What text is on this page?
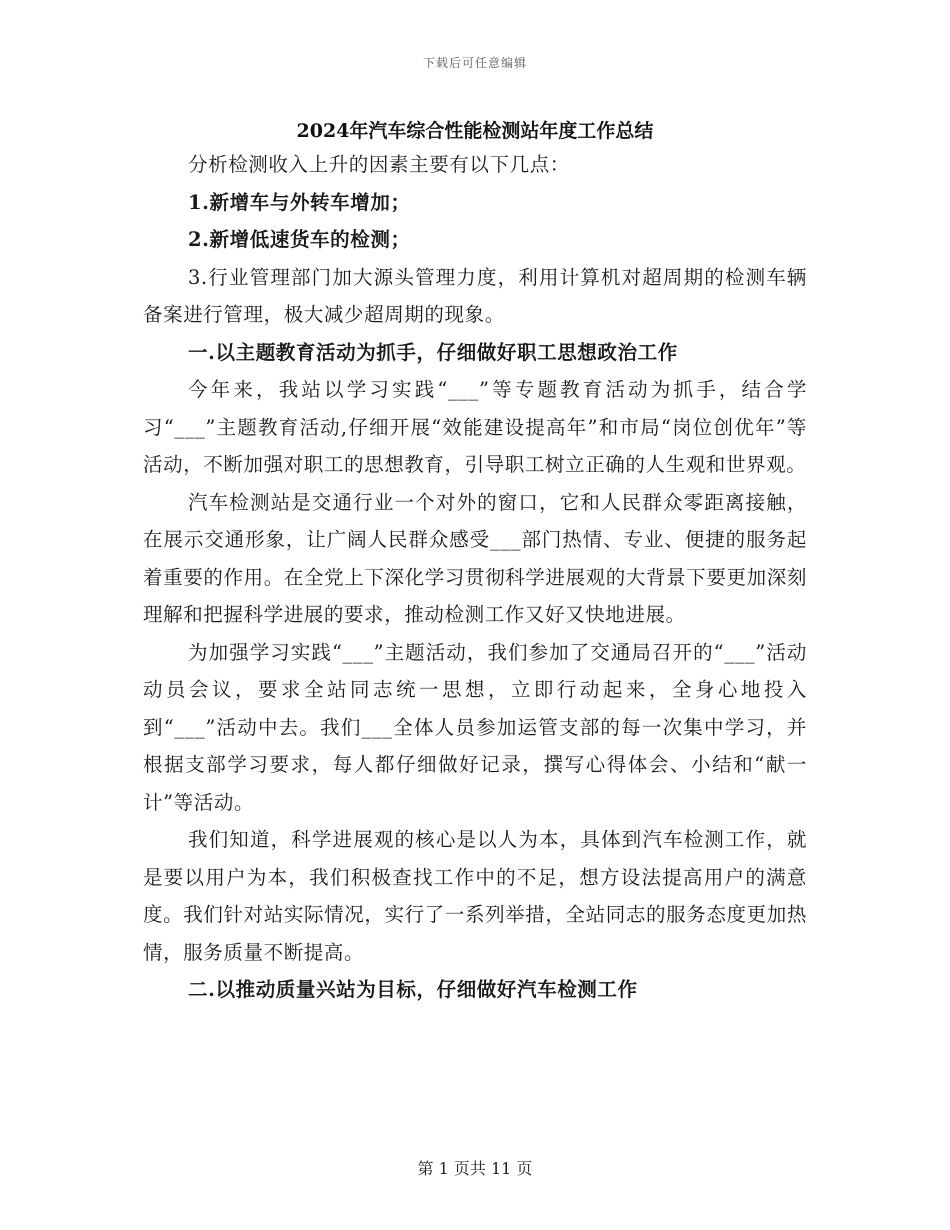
下载后可任意编辑
2024年汽车综合性能检测站年度工作总结

分析检测收入上升的因素主要有以下几点：

1.新增车与外转车增加；

2.新增低速货车的检测；

3.行业管理部门加大源头管理力度，利用计算机对超周期的检测车辆备案进行管理，极大减少超周期的现象。

一.以主题教育活动为抓手，仔细做好职工思想政治工作

今年来，我站以学习实践“___”等专题教育活动为抓手，结合学习“___”主题教育活动,仔细开展“效能建设提高年”和市局“岗位创优年”等活动，不断加强对职工的思想教育，引导职工树立正确的人生观和世界观。

汽车检测站是交通行业一个对外的窗口，它和人民群众零距离接触，在展示交通形象，让广阔人民群众感受___部门热情、专业、便捷的服务起着重要的作用。在全党上下深化学习贯彻科学进展观的大背景下要更加深刻理解和把握科学进展的要求，推动检测工作又好又快地进展。

为加强学习实践“___”主题活动，我们参加了交通局召开的“___”活动动员会议，要求全站同志统一思想，立即行动起来，全身心地投入到“___”活动中去。我们___全体人员参加运管支部的每一次集中学习，并根据支部学习要求，每人都仔细做好记录，撰写心得体会、小结和“献一计”等活动。

我们知道，科学进展观的核心是以人为本，具体到汽车检测工作，就是要以用户为本，我们积极查找工作中的不足，想方设法提高用户的满意度。我们针对站实际情况，实行了一系列举措，全站同志的服务态度更加热情，服务质量不断提高。

二.以推动质量兴站为目标，仔细做好汽车检测工作

第 1 页共 11 页
